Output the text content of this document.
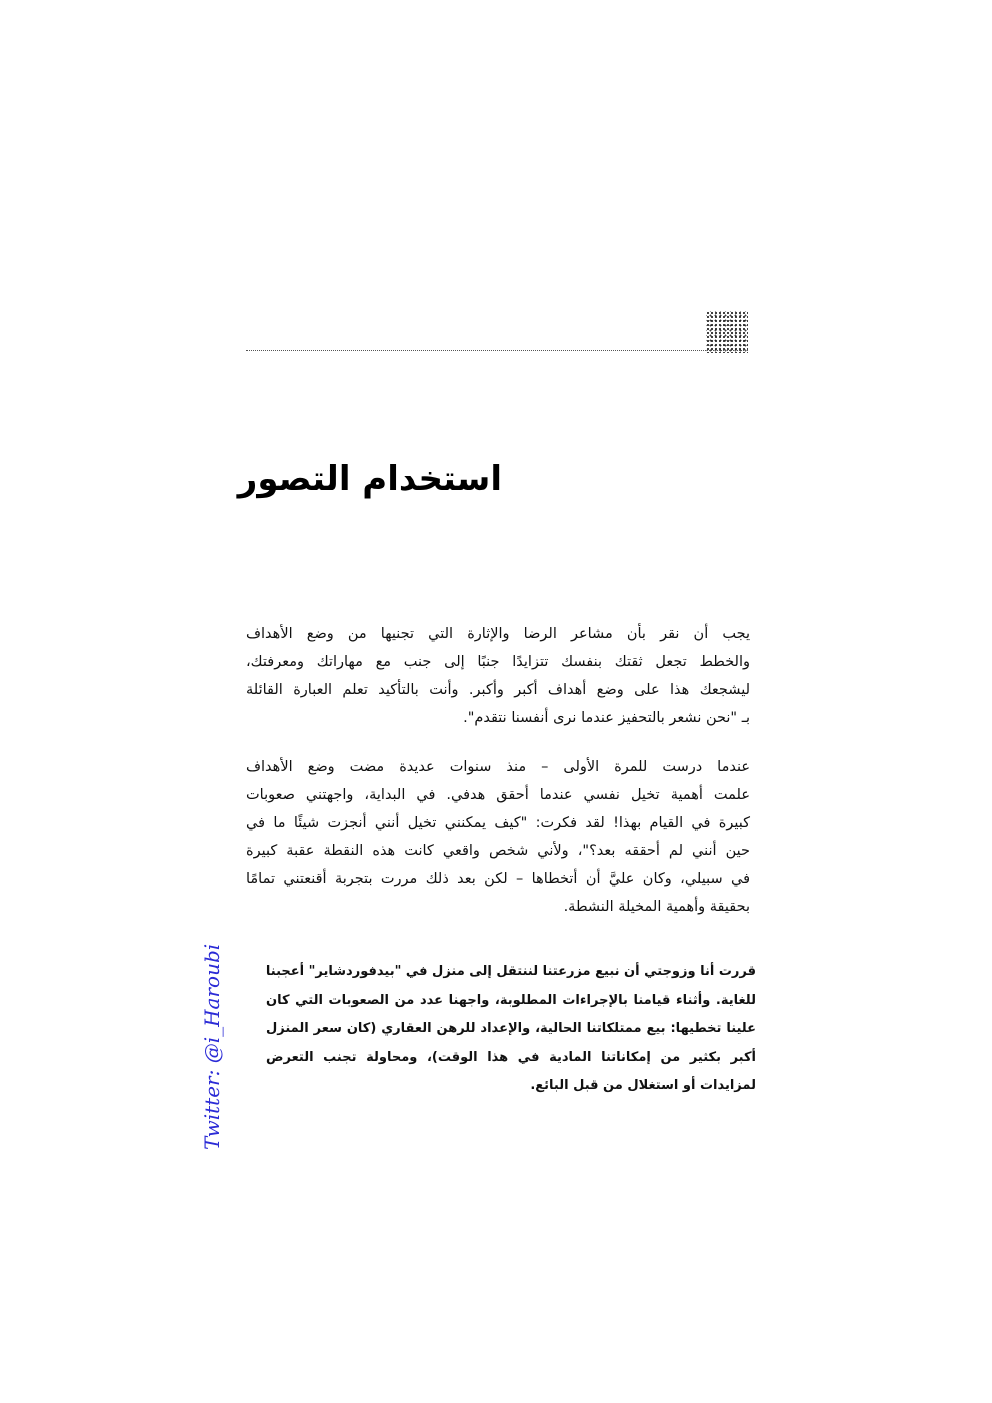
استخدام التصور

يجب أن نقر بأن مشاعر الرضا والإثارة التي تجنيها من وضع الأهداف
والخطط تجعل ثقتك بنفسك تتزايدًا جنبًا إلى جنب مع مهاراتك ومعرفتك،
ليشجعك هذا على وضع أهداف أكبر وأكبر. وأنت بالتأكيد تعلم العبارة القائلة
بـ "نحن نشعر بالتحفيز عندما نرى أنفسنا نتقدم".

عندما درست للمرة الأولى – منذ سنوات عديدة مضت وضع الأهداف
علمت أهمية تخيل نفسي عندما أحقق هدفي. في البداية، واجهتني صعوبات
كبيرة في القيام بهذا! لقد فكرت: "كيف يمكنني تخيل أنني أنجزت شيئًا ما في
حين أنني لم أحققه بعد؟"، ولأني شخص واقعي كانت هذه النقطة عقبة كبيرة
في سبيلي، وكان عليَّ أن أتخطاها – لكن بعد ذلك مررت بتجربة أقنعتني تمامًا
بحقيقة وأهمية المخيلة النشطة.

قررت أنا وزوجتي أن نبيع مزرعتنا لننتقل إلى منزل في "بيدفوردشاير" أعجبنا
للغاية. وأثناء قيامنا بالإجراءات المطلوبة، واجهنا عدد من الصعوبات التي كان
علينا تخطيها: بيع ممتلكاتنا الحالية، والإعداد للرهن العقاري (كان سعر المنزل
أكبر بكثير من إمكاناتنا المادية في هذا الوقت)، ومحاولة تجنب التعرض
لمزايدات أو استغلال من قبل البائع.

Twitter: @i_Haroubi
